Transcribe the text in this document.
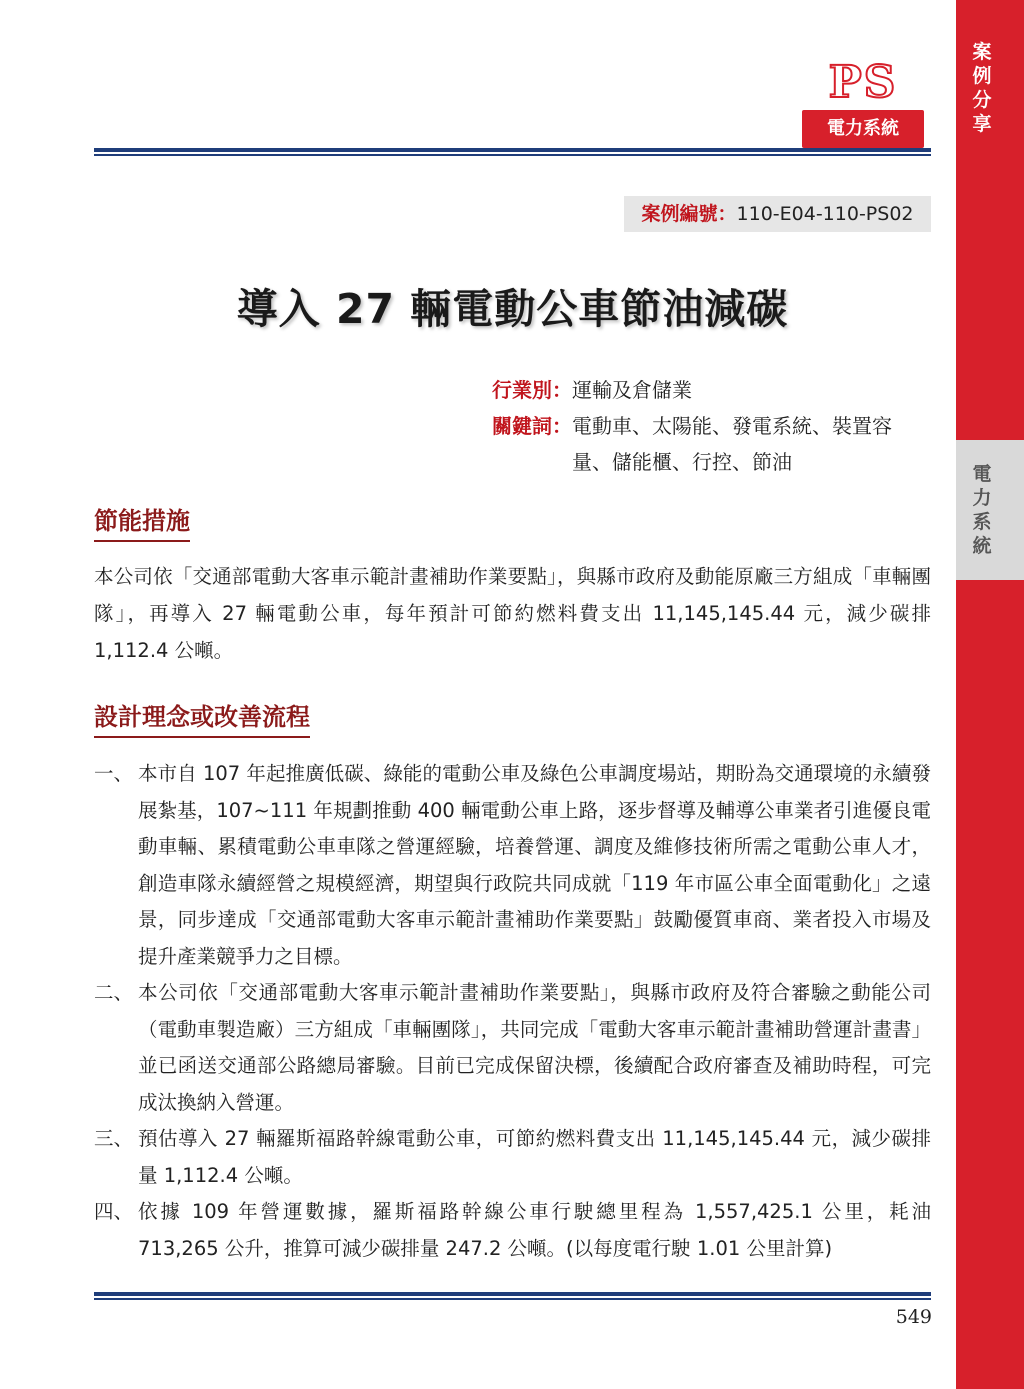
案例分享
電力系統
PS
電力系統
案例編號：110-E04-110-PS02
導入 27 輛電動公車節油減碳
行業別： 運輸及倉儲業
關鍵詞： 電動車、太陽能、發電系統、裝置容量、儲能櫃、行控、節油
節能措施

本公司依「交通部電動大客車示範計畫補助作業要點」，與縣市政府及動能原廠三方組成「車輛團隊」，再導入 27 輛電動公車，每年預計可節約燃料費支出 11,145,145.44 元，減少碳排 1,112.4 公噸。

設計理念或改善流程
一、 本市自 107 年起推廣低碳、綠能的電動公車及綠色公車調度場站，期盼為交通環境的永續發展紮基，107~111 年規劃推動 400 輛電動公車上路，逐步督導及輔導公車業者引進優良電動車輛、累積電動公車車隊之營運經驗，培養營運、調度及維修技術所需之電動公車人才，創造車隊永續經營之規模經濟，期望與行政院共同成就「119 年市區公車全面電動化」之遠景，同步達成「交通部電動大客車示範計畫補助作業要點」鼓勵優質車商、業者投入市場及提升產業競爭力之目標。
二、 本公司依「交通部電動大客車示範計畫補助作業要點」，與縣市政府及符合審驗之動能公司（電動車製造廠）三方組成「車輛團隊」，共同完成「電動大客車示範計畫補助營運計畫書」並已函送交通部公路總局審驗。目前已完成保留決標，後續配合政府審查及補助時程，可完成汰換納入營運。
三、 預估導入 27 輛羅斯福路幹線電動公車，可節約燃料費支出 11,145,145.44 元，減少碳排量 1,112.4 公噸。
四、 依據 109 年營運數據，羅斯福路幹線公車行駛總里程為 1,557,425.1 公里，耗油 713,265 公升，推算可減少碳排量 247.2 公噸。(以每度電行駛 1.01 公里計算)
549
